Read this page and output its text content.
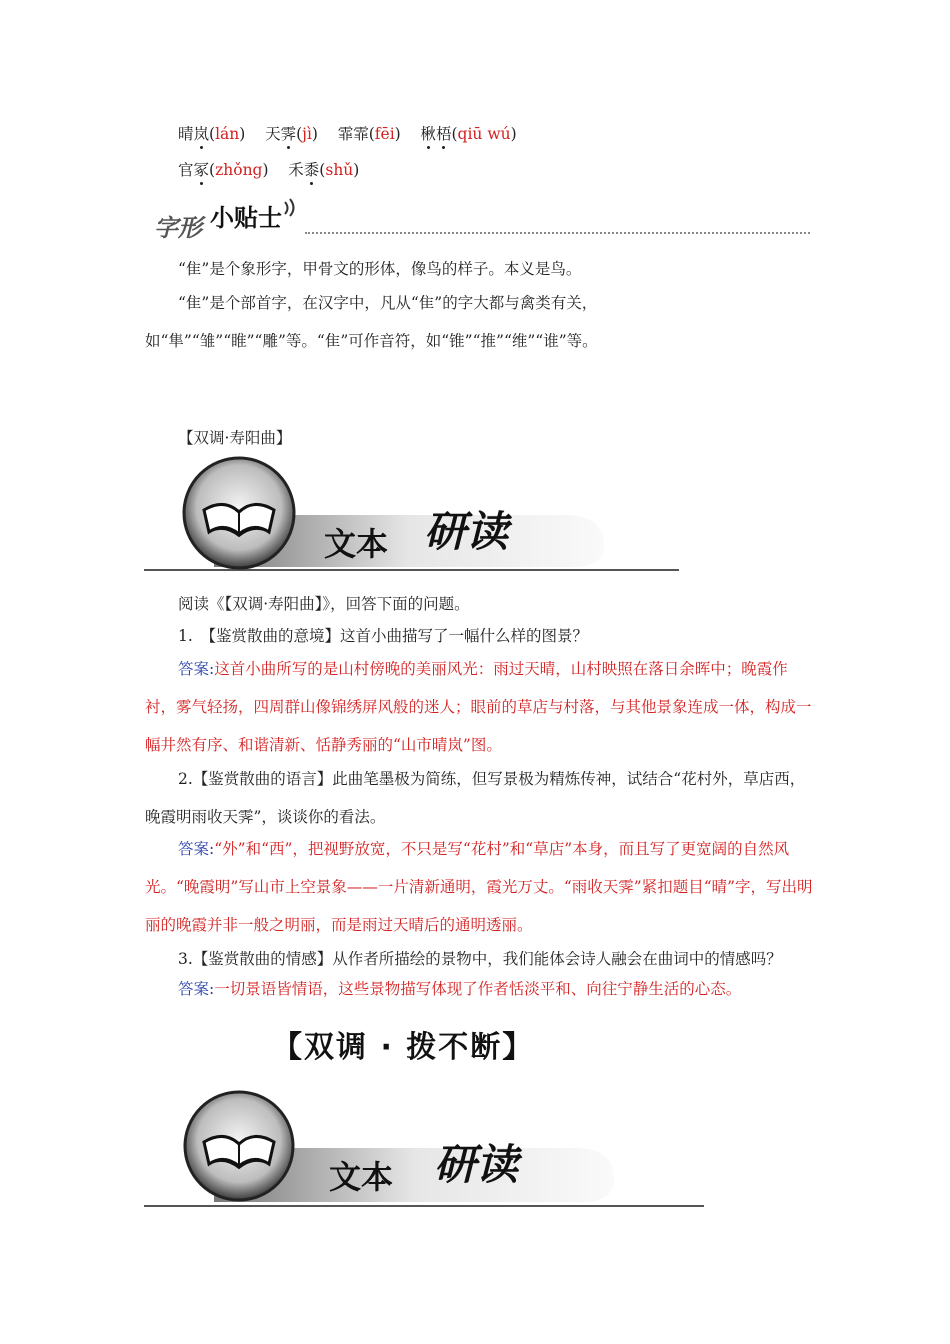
晴岚(lán) 天霁(jì) 霏霏(fēi) 楸梧(qiū wú)
官冢(zhǒng) 禾黍(shǔ)
字形 小贴士
“隹”是个象形字，甲骨文的形体，像鸟的样子。本义是鸟。
“隹”是个部首字，在汉字中，凡从“隹”的字大都与禽类有关，如“隼”“雏”“睢”“雕”等。“隹”可作音符，如“锥”“推”“维”“谁”等。
【双调·寿阳曲】
文本 研读
阅读《【双调·寿阳曲】》，回答下面的问题。
1.　【鉴赏散曲的意境】这首小曲描写了一幅什么样的图景？
答案:这首小曲所写的是山村傍晚的美丽风光：雨过天晴，山村映照在落日余晖中；晚霞作衬，雾气轻扬，四周群山像锦绣屏风般的迷人；眼前的草店与村落，与其他景象连成一体，构成一幅井然有序、和谐清新、恬静秀丽的“山市晴岚”图。
2.【鉴赏散曲的语言】此曲笔墨极为简练，但写景极为精炼传神，试结合“花村外，草店西，晚霞明雨收天霁”，谈谈你的看法。
答案:“外”和“西”，把视野放宽，不只是写“花村”和“草店”本身，而且写了更宽阔的自然风光。“晚霞明”写山市上空景象——一片清新通明，霞光万丈。“雨收天霁”紧扣题目“晴”字，写出明丽的晚霞并非一般之明丽，而是雨过天晴后的通明透丽。
3.【鉴赏散曲的情感】从作者所描绘的景物中，我们能体会诗人融会在曲词中的情感吗？
答案:一切景语皆情语，这些景物描写体现了作者恬淡平和、向往宁静生活的心态。
【双调 · 拨不断】
文本 研读
